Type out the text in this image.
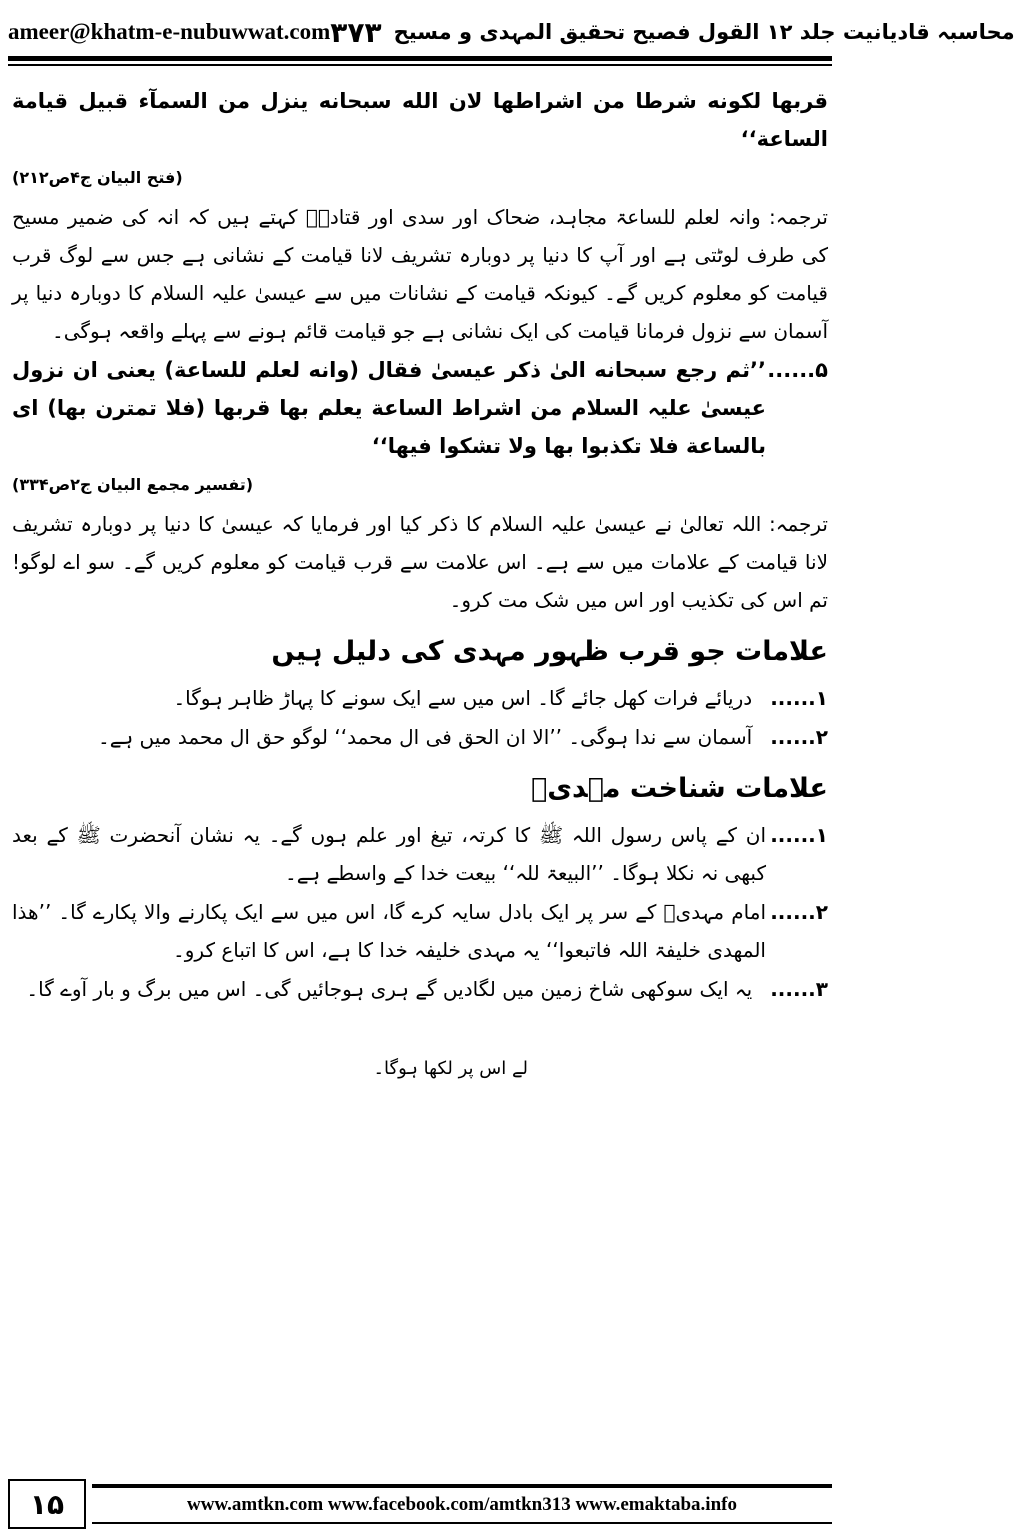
ameer@khatm-e-nubuwwat.com	محاسبہ قادیانیت جلد ۱۲ القول فصیح تحقیق المہدی و مسیح
٣٧٣
قربها لكونه شرطا من اشراطها لان الله سبحانه ينزل من السمآء قبيل قيامة الساعة‘‘
(فتح البیان ج۴ص۲۱۲)
ترجمہ: وانہ لعلم للساعۃ مجاہد، ضحاک اور سدی اور قتادہؒ کہتے ہیں کہ انہ کی ضمیر مسیح کی طرف لوٹتی ہے اور آپ کا دنیا پر دوبارہ تشریف لانا قیامت کے نشانی ہے جس سے لوگ قرب قیامت کو معلوم کریں گے۔ کیونکہ قیامت کے نشانات میں سے عیسیٰ علیہ السلام کا دوبارہ دنیا پر آسمان سے نزول فرمانا قیامت کی ایک نشانی ہے جو قیامت قائم ہونے سے پہلے واقعہ ہوگی۔
۵......
’’ثم رجع سبحانه الىٰ ذكر عيسىٰ فقال (وانه لعلم للساعة) يعنى ان نزول عيسىٰ علیہ السلام من اشراط الساعة يعلم بها قربها (فلا تمترن بها) اى بالساعة فلا تكذبوا بها ولا تشكوا فيها‘‘
(تفسیر مجمع البیان ج۲ص۳۳۴)
ترجمہ: اللہ تعالیٰ نے عیسیٰ علیہ السلام کا ذکر کیا اور فرمایا کہ عیسیٰ کا دنیا پر دوبارہ تشریف لانا قیامت کے علامات میں سے ہے۔ اس علامت سے قرب قیامت کو معلوم کریں گے۔ سو اے لوگو! تم اس کی تکذیب اور اس میں شک مت کرو۔
علامات جو قرب ظہور مہدی کی دلیل ہیں
۱......
دریائے فرات کھل جائے گا۔ اس میں سے ایک سونے کا پہاڑ ظاہر ہوگا۔
۲......
آسمان سے ندا ہوگی۔ ’’الا ان الحق فی ال محمد‘‘ لوگو حق ال محمد میں ہے۔
علامات شناخت مہدیؑ
۱......
ان کے پاس رسول اللہ ﷺ کا کرتہ، تیغ اور علم ہوں گے۔ یہ نشان آنحضرت ﷺ کے بعد کبھی نہ نکلا ہوگا۔ ’’البیعۃ للہ‘‘ بیعت خدا کے واسطے ہے۔
۲......
امام مہدیؑ کے سر پر ایک بادل سایہ کرے گا، اس میں سے ایک پکارنے والا پکارے گا۔ ’’ھذا المھدی خلیفۃ اللہ فاتبعوا‘‘ یہ مہدی خلیفہ خدا کا ہے، اس کا اتباع کرو۔
۳......
یہ ایک سوکھی شاخ زمین میں لگادیں گے ہری ہوجائیں گی۔ اس میں برگ و بار آوے گا۔
لے اس پر لکھا ہوگا۔
۱۵	www.amtkn.com www.facebook.com/amtkn313 www.emaktaba.info
